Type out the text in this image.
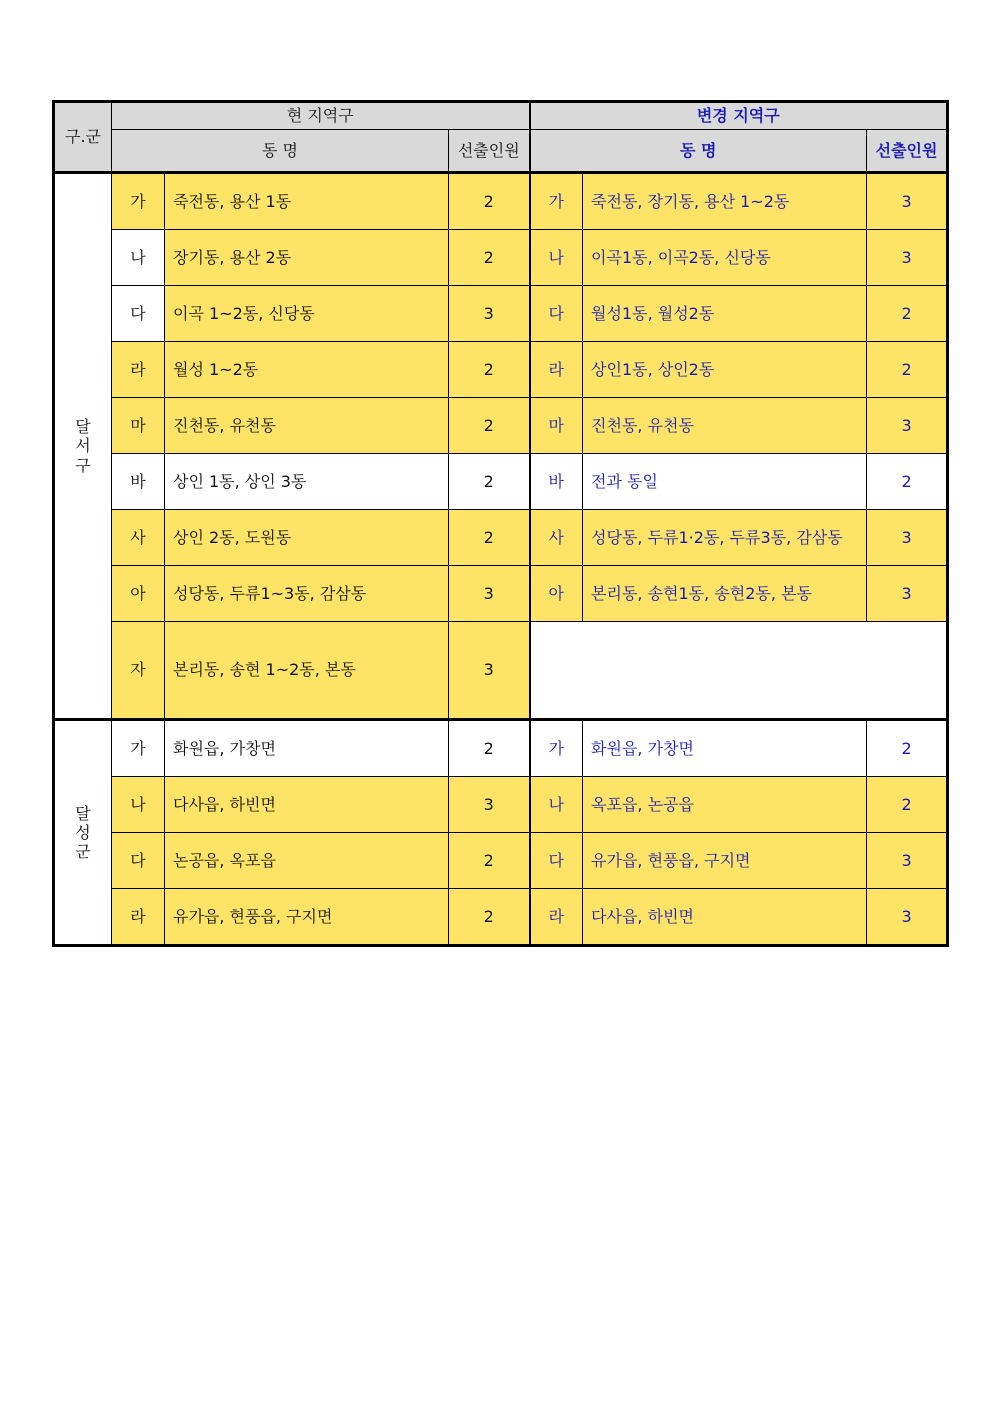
구.군	현 지역구			변경 지역구		
	동 명		선출인원	동 명		선출인원
달서구	가	죽전동, 용산 1동	2	가	죽전동, 장기동, 용산 1~2동	3
	나	장기동, 용산 2동	2	나	이곡1동, 이곡2동, 신당동	3
	다	이곡 1~2동, 신당동	3	다	월성1동, 월성2동	2
	라	월성 1~2동	2	라	상인1동, 상인2동	2
	마	진천동, 유천동	2	마	진천동, 유천동	3
	바	상인 1동, 상인 3동	2	바	전과 동일	2
	사	상인 2동, 도원동	2	사	성당동, 두류1·2동, 두류3동, 감삼동	3
	아	성당동, 두류1~3동, 감삼동	3	아	본리동, 송현1동, 송현2동, 본동	3
	자	본리동, 송현 1~2동, 본동	3			
달성군	가	화원읍, 가창면	2	가	화원읍, 가창면	2
	나	다사읍, 하빈면	3	나	옥포읍, 논공읍	2
	다	논공읍, 옥포읍	2	다	유가읍, 현풍읍, 구지면	3
	라	유가읍, 현풍읍, 구지면	2	라	다사읍, 하빈면	3
